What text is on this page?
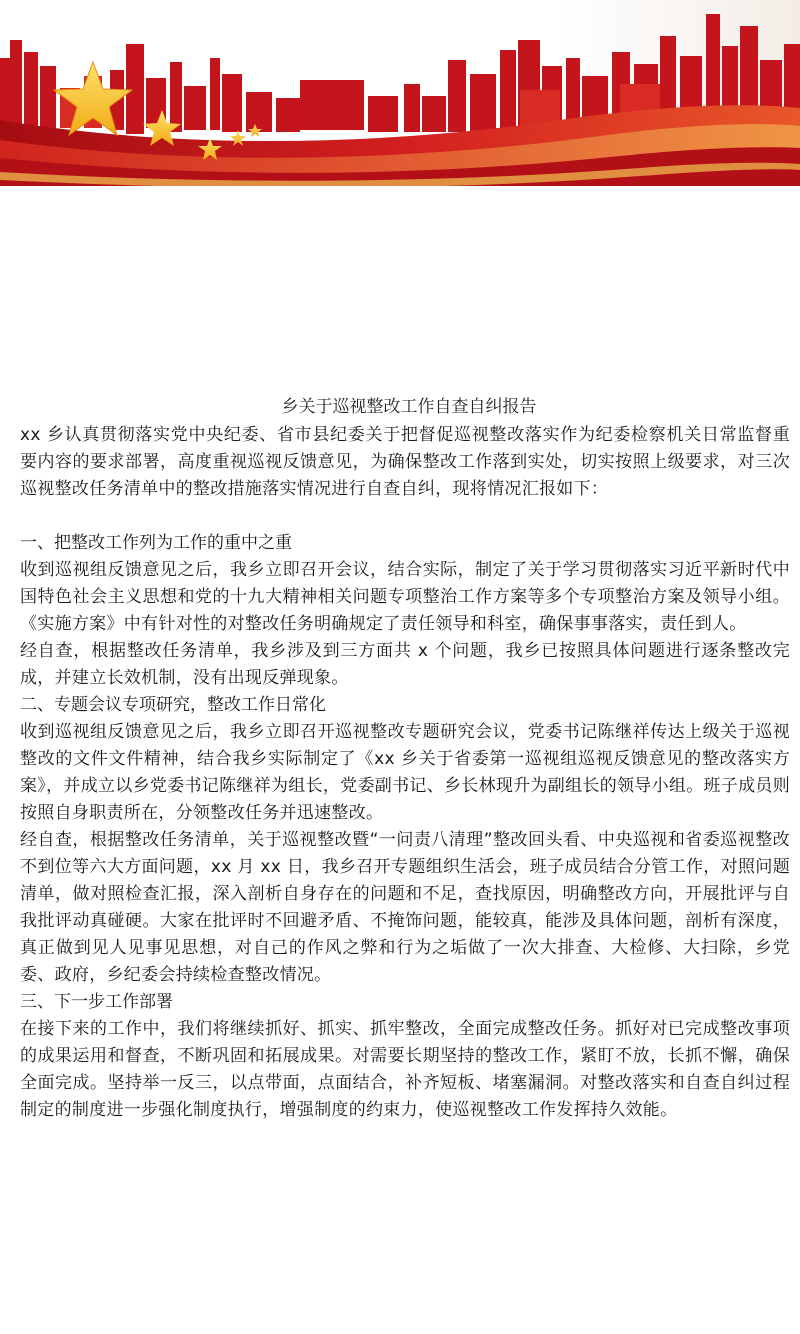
乡关于巡视整改工作自查自纠报告

xx 乡认真贯彻落实党中央纪委、省市县纪委关于把督促巡视整改落实作为纪委检察机关日常监督重要内容的要求部署，高度重视巡视反馈意见，为确保整改工作落到实处，切实按照上级要求，对三次巡视整改任务清单中的整改措施落实情况进行自查自纠，现将情况汇报如下：

一、把整改工作列为工作的重中之重

收到巡视组反馈意见之后，我乡立即召开会议，结合实际，制定了关于学习贯彻落实习近平新时代中国特色社会主义思想和党的十九大精神相关问题专项整治工作方案等多个专项整治方案及领导小组。《实施方案》中有针对性的对整改任务明确规定了责任领导和科室，确保事事落实，责任到人。

经自查，根据整改任务清单，我乡涉及到三方面共 x 个问题，我乡已按照具体问题进行逐条整改完成，并建立长效机制，没有出现反弹现象。

二、专题会议专项研究，整改工作日常化

收到巡视组反馈意见之后，我乡立即召开巡视整改专题研究会议，党委书记陈继祥传达上级关于巡视整改的文件文件精神，结合我乡实际制定了《xx 乡关于省委第一巡视组巡视反馈意见的整改落实方案》，并成立以乡党委书记陈继祥为组长，党委副书记、乡长林现升为副组长的领导小组。班子成员则按照自身职责所在，分领整改任务并迅速整改。

经自查，根据整改任务清单，关于巡视整改暨“一问责八清理”整改回头看、中央巡视和省委巡视整改不到位等六大方面问题，xx 月 xx 日，我乡召开专题组织生活会，班子成员结合分管工作，对照问题清单，做对照检查汇报，深入剖析自身存在的问题和不足，查找原因，明确整改方向，开展批评与自我批评动真碰硬。大家在批评时不回避矛盾、不掩饰问题，能较真，能涉及具体问题，剖析有深度，真正做到见人见事见思想，对自己的作风之弊和行为之垢做了一次大排查、大检修、大扫除，乡党委、政府，乡纪委会持续检查整改情况。

三、下一步工作部署

在接下来的工作中，我们将继续抓好、抓实、抓牢整改，全面完成整改任务。抓好对已完成整改事项的成果运用和督查，不断巩固和拓展成果。对需要长期坚持的整改工作，紧盯不放，长抓不懈，确保全面完成。坚持举一反三，以点带面，点面结合，补齐短板、堵塞漏洞。对整改落实和自查自纠过程制定的制度进一步强化制度执行，增强制度的约束力，使巡视整改工作发挥持久效能。
